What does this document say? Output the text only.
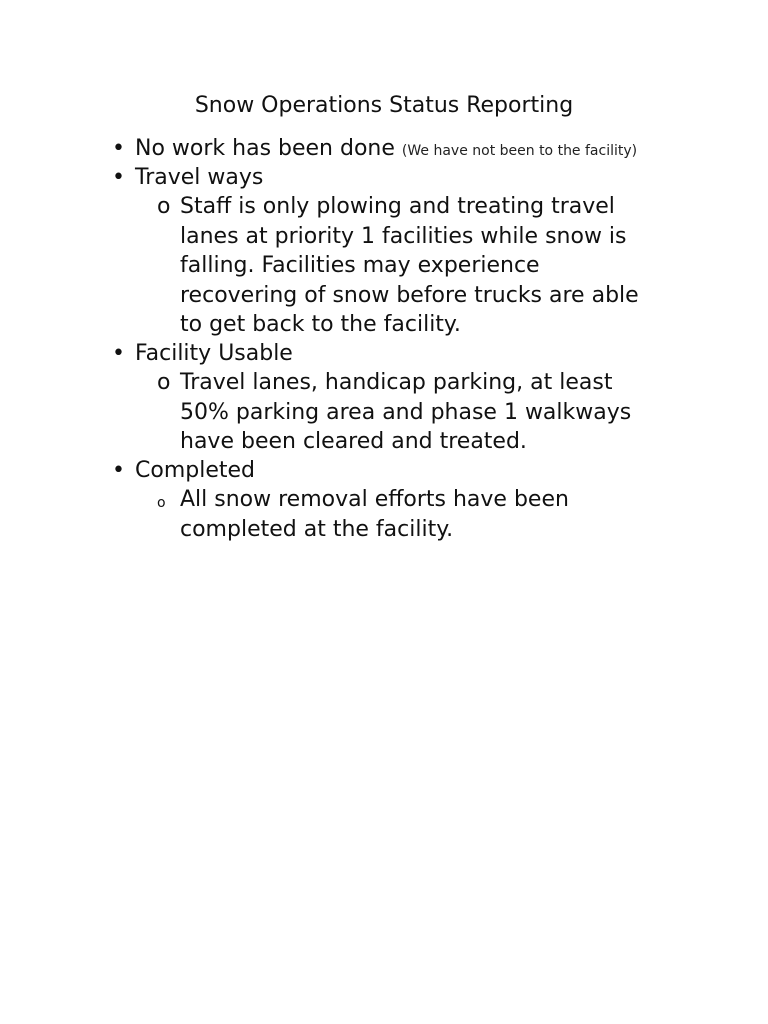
Snow Operations Status Reporting
• No work has been done (We have not been to the facility)
• Travel ways
o Staff is only plowing and treating travel
lanes at priority 1 facilities while snow is
falling. Facilities may experience
recovering of snow before trucks are able
to get back to the facility.

• Facility Usable
o Travel lanes, handicap parking, at least
50% parking area and phase 1 walkways
have been cleared and treated.

• Completed
o All snow removal efforts have been
completed at the facility.
